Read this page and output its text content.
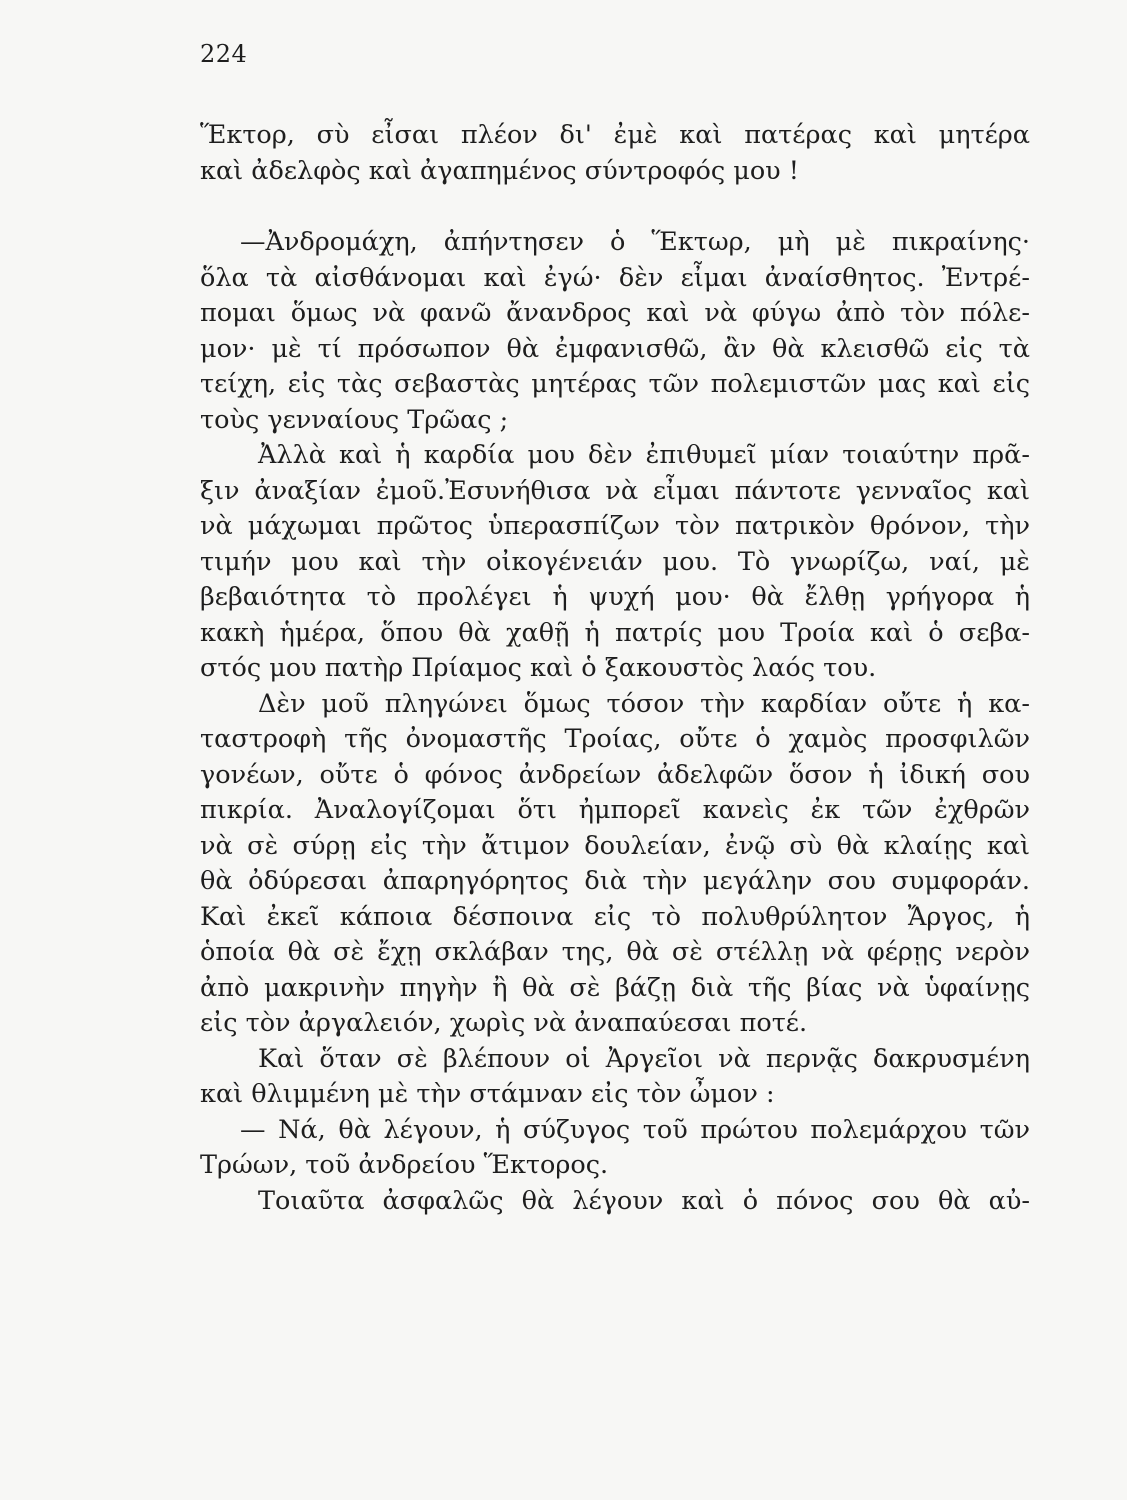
224
Ἕκτορ, σὺ εἶσαι πλέον δι' ἐμὲ καὶ πατέρας καὶ μητέρα
καὶ ἀδελφὸς καὶ ἀγαπημένος σύντροφός μου !
—Ἀνδρομάχη, ἀπήντησεν ὁ Ἕκτωρ, μὴ μὲ πικραίνης·
ὅλα τὰ αἰσθάνομαι καὶ ἐγώ· δὲν εἶμαι ἀναίσθητος. Ἐντρέ-
πομαι ὅμως νὰ φανῶ ἄνανδρος καὶ νὰ φύγω ἀπὸ τὸν πόλε-
μον· μὲ τί πρόσωπον θὰ ἐμφανισθῶ, ἂν θὰ κλεισθῶ εἰς τὰ
τείχη, εἰς τὰς σεβαστὰς μητέρας τῶν πολεμιστῶν μας καὶ εἰς
τοὺς γενναίους Τρῶας ;
Ἀλλὰ καὶ ἡ καρδία μου δὲν ἐπιθυμεῖ μίαν τοιαύτην πρᾶ-
ξιν ἀναξίαν ἐμοῦ.Ἐσυνήθισα νὰ εἶμαι πάντοτε γενναῖος καὶ
νὰ μάχωμαι πρῶτος ὑπερασπίζων τὸν πατρικὸν θρόνον, τὴν
τιμήν μου καὶ τὴν οἰκογένειάν μου. Τὸ γνωρίζω, ναί, μὲ
βεβαιότητα τὸ προλέγει ἡ ψυχή μου· θὰ ἔλθῃ γρήγορα ἡ
κακὴ ἡμέρα, ὅπου θὰ χαθῇ ἡ πατρίς μου Τροία καὶ ὁ σεβα-
στός μου πατὴρ Πρίαμος καὶ ὁ ξακουστὸς λαός του.
Δὲν μοῦ πληγώνει ὅμως τόσον τὴν καρδίαν οὔτε ἡ κα-
ταστροφὴ τῆς ὀνομαστῆς Τροίας, οὔτε ὁ χαμὸς προσφιλῶν
γονέων, οὔτε ὁ φόνος ἀνδρείων ἀδελφῶν ὅσον ἡ ἰδική σου
πικρία. Ἀναλογίζομαι ὅτι ἠμπορεῖ κανεὶς ἐκ τῶν ἐχθρῶν
νὰ σὲ σύρῃ εἰς τὴν ἄτιμον δουλείαν, ἐνῷ σὺ θὰ κλαίῃς καὶ
θὰ ὀδύρεσαι ἀπαρηγόρητος διὰ τὴν μεγάλην σου συμφοράν.
Καὶ ἐκεῖ κάποια δέσποινα εἰς τὸ πολυθρύλητον Ἄργος, ἡ
ὁποία θὰ σὲ ἔχῃ σκλάβαν της, θὰ σὲ στέλλῃ νὰ φέρῃς νερὸν
ἀπὸ μακρινὴν πηγὴν ἢ θὰ σὲ βάζῃ διὰ τῆς βίας νὰ ὑφαίνῃς
εἰς τὸν ἀργαλειόν, χωρὶς νὰ ἀναπαύεσαι ποτέ.
Καὶ ὅταν σὲ βλέπουν οἱ Ἀργεῖοι νὰ περνᾷς δακρυσμένη
καὶ θλιμμένη μὲ τὴν στάμναν εἰς τὸν ὦμον :
— Νά, θὰ λέγουν, ἡ σύζυγος τοῦ πρώτου πολεμάρχου τῶν
Τρώων, τοῦ ἀνδρείου Ἕκτορος.
Τοιαῦτα ἀσφαλῶς θὰ λέγουν καὶ ὁ πόνος σου θὰ αὐ-
